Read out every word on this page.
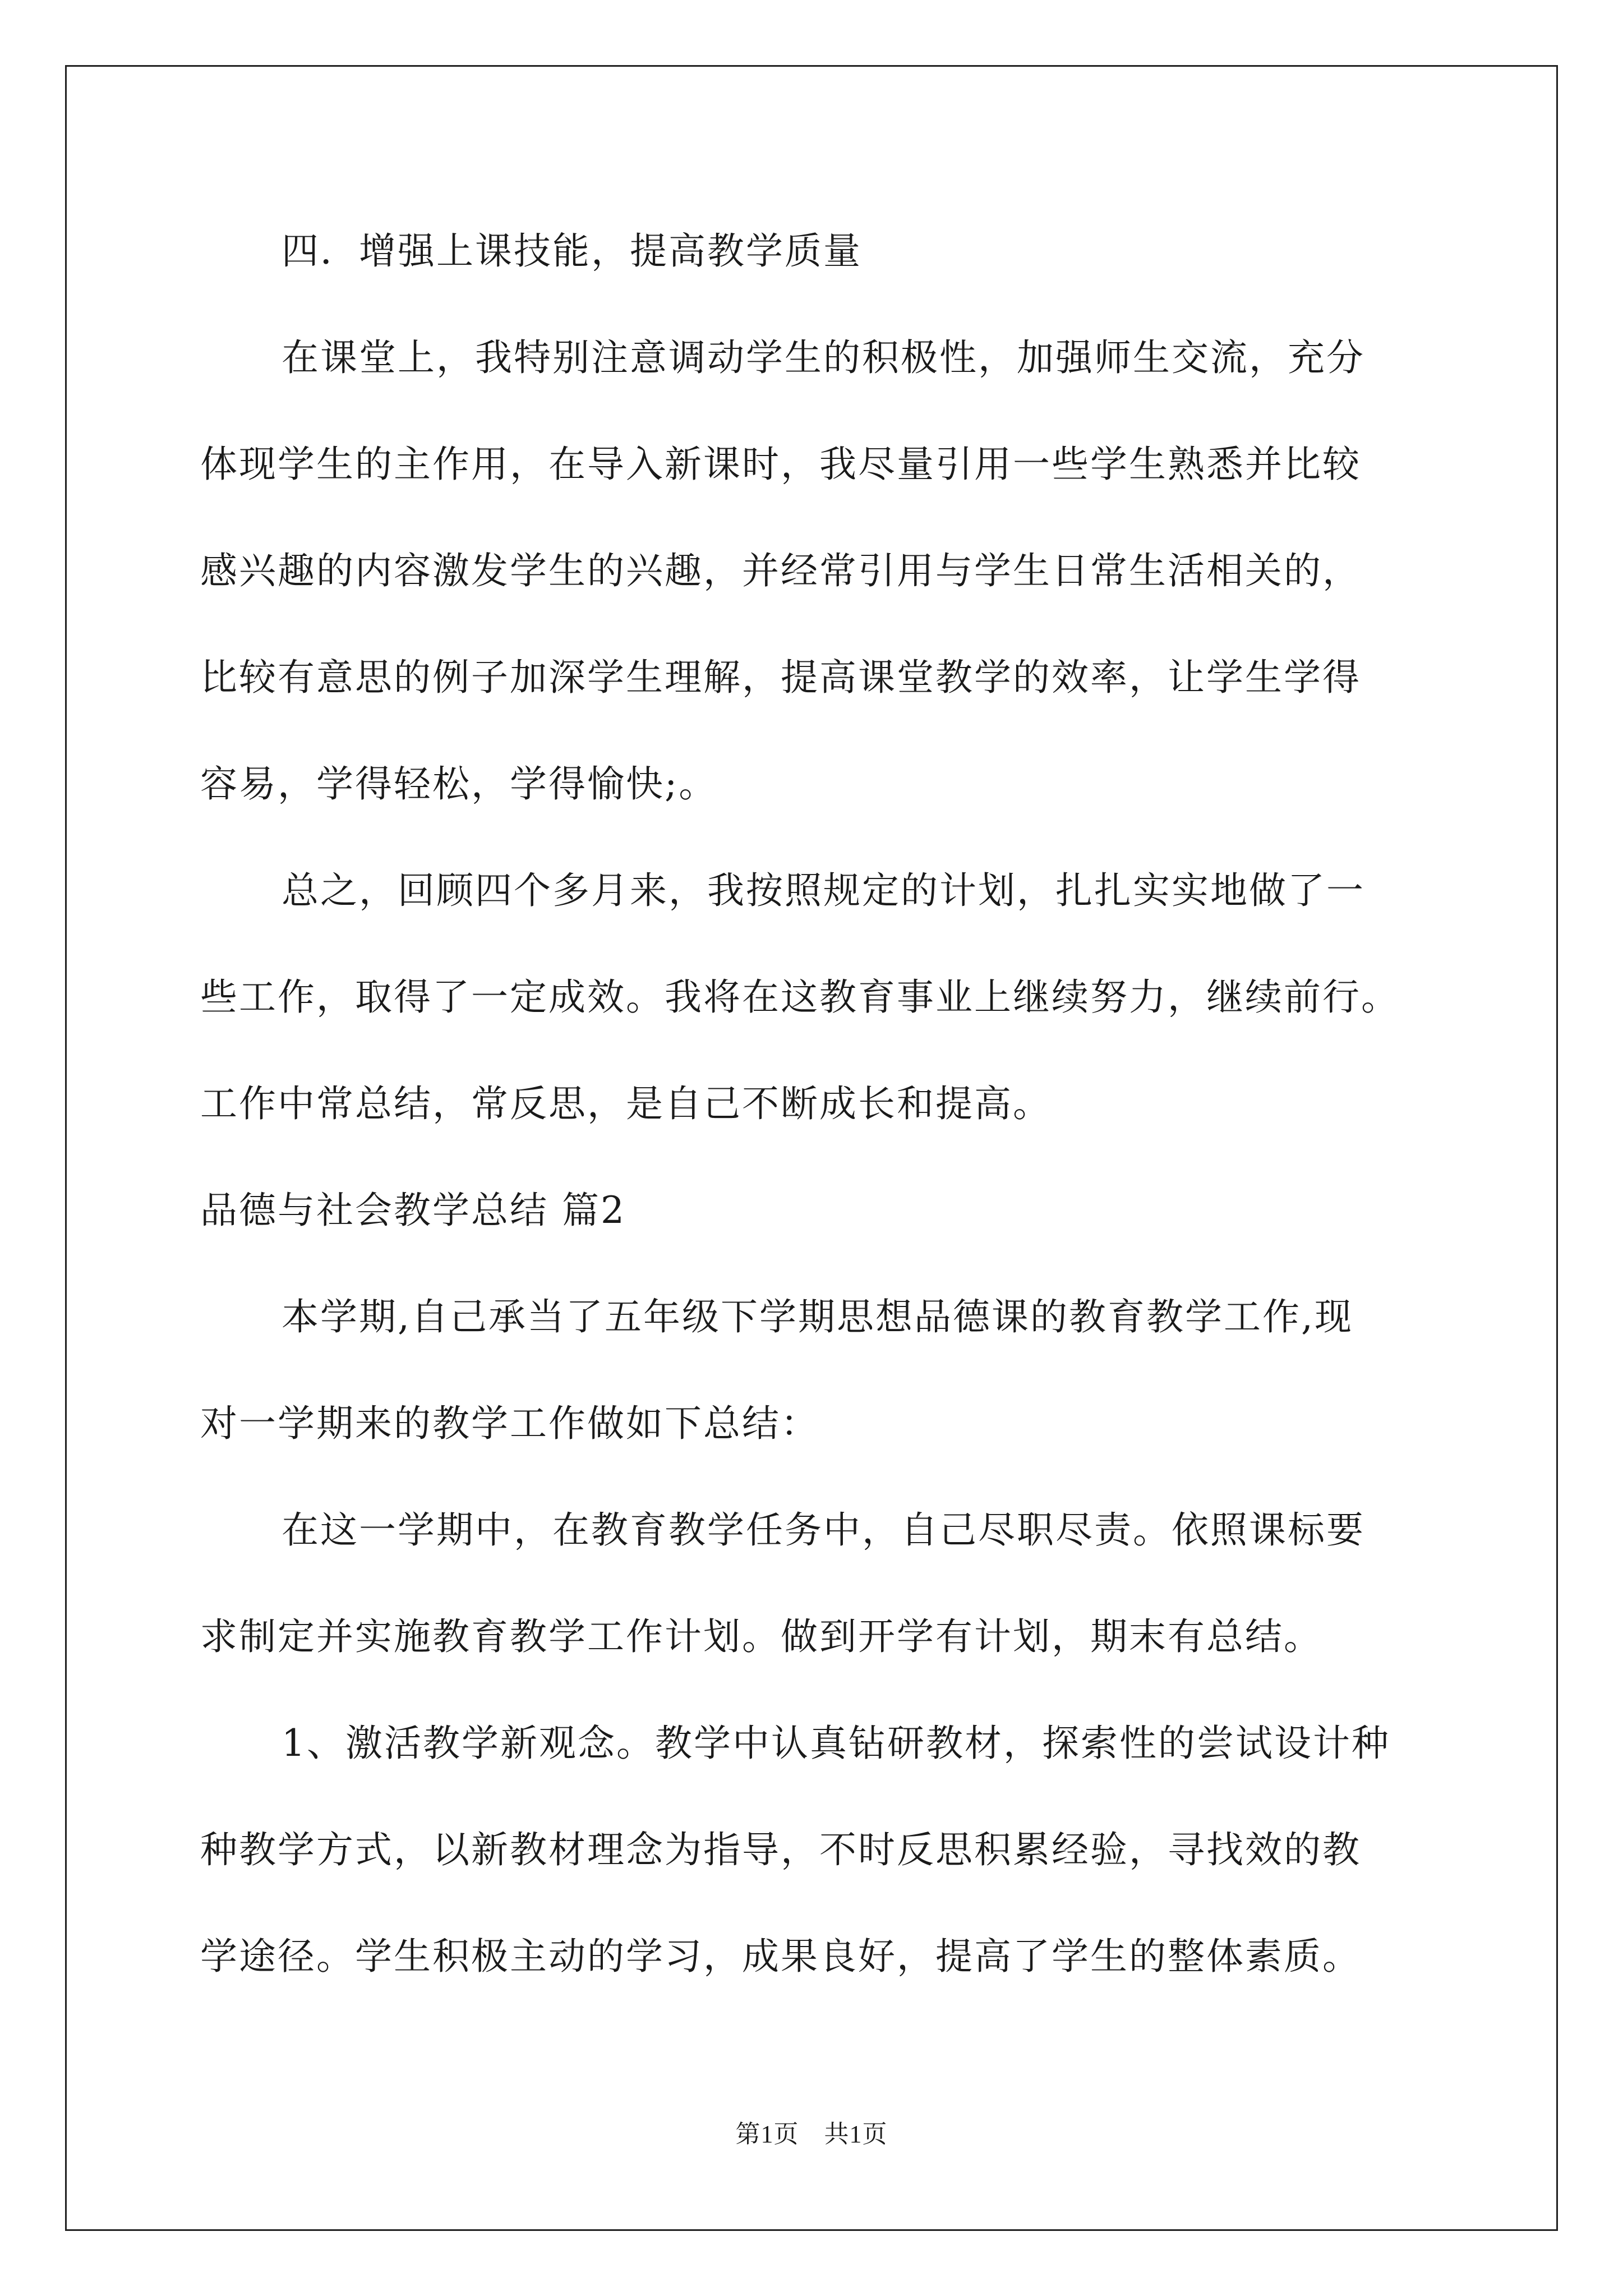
四．增强上课技能，提高教学质量
在课堂上，我特别注意调动学生的积极性，加强师生交流，充分
体现学生的主作用，在导入新课时，我尽量引用一些学生熟悉并比较
感兴趣的内容激发学生的兴趣，并经常引用与学生日常生活相关的，
比较有意思的例子加深学生理解，提高课堂教学的效率，让学生学得
容易，学得轻松，学得愉快;。
总之，回顾四个多月来，我按照规定的计划，扎扎实实地做了一
些工作，取得了一定成效。我将在这教育事业上继续努力，继续前行。
工作中常总结，常反思，是自己不断成长和提高。
品德与社会教学总结 篇2
本学期,自己承当了五年级下学期思想品德课的教育教学工作,现
对一学期来的教学工作做如下总结：
在这一学期中，在教育教学任务中，自己尽职尽责。依照课标要
求制定并实施教育教学工作计划。做到开学有计划，期末有总结。
1、激活教学新观念。教学中认真钻研教材，探索性的尝试设计种
种教学方式，以新教材理念为指导，不时反思积累经验，寻找效的教
学途径。学生积极主动的学习，成果良好，提高了学生的整体素质。
第1页　共1页
